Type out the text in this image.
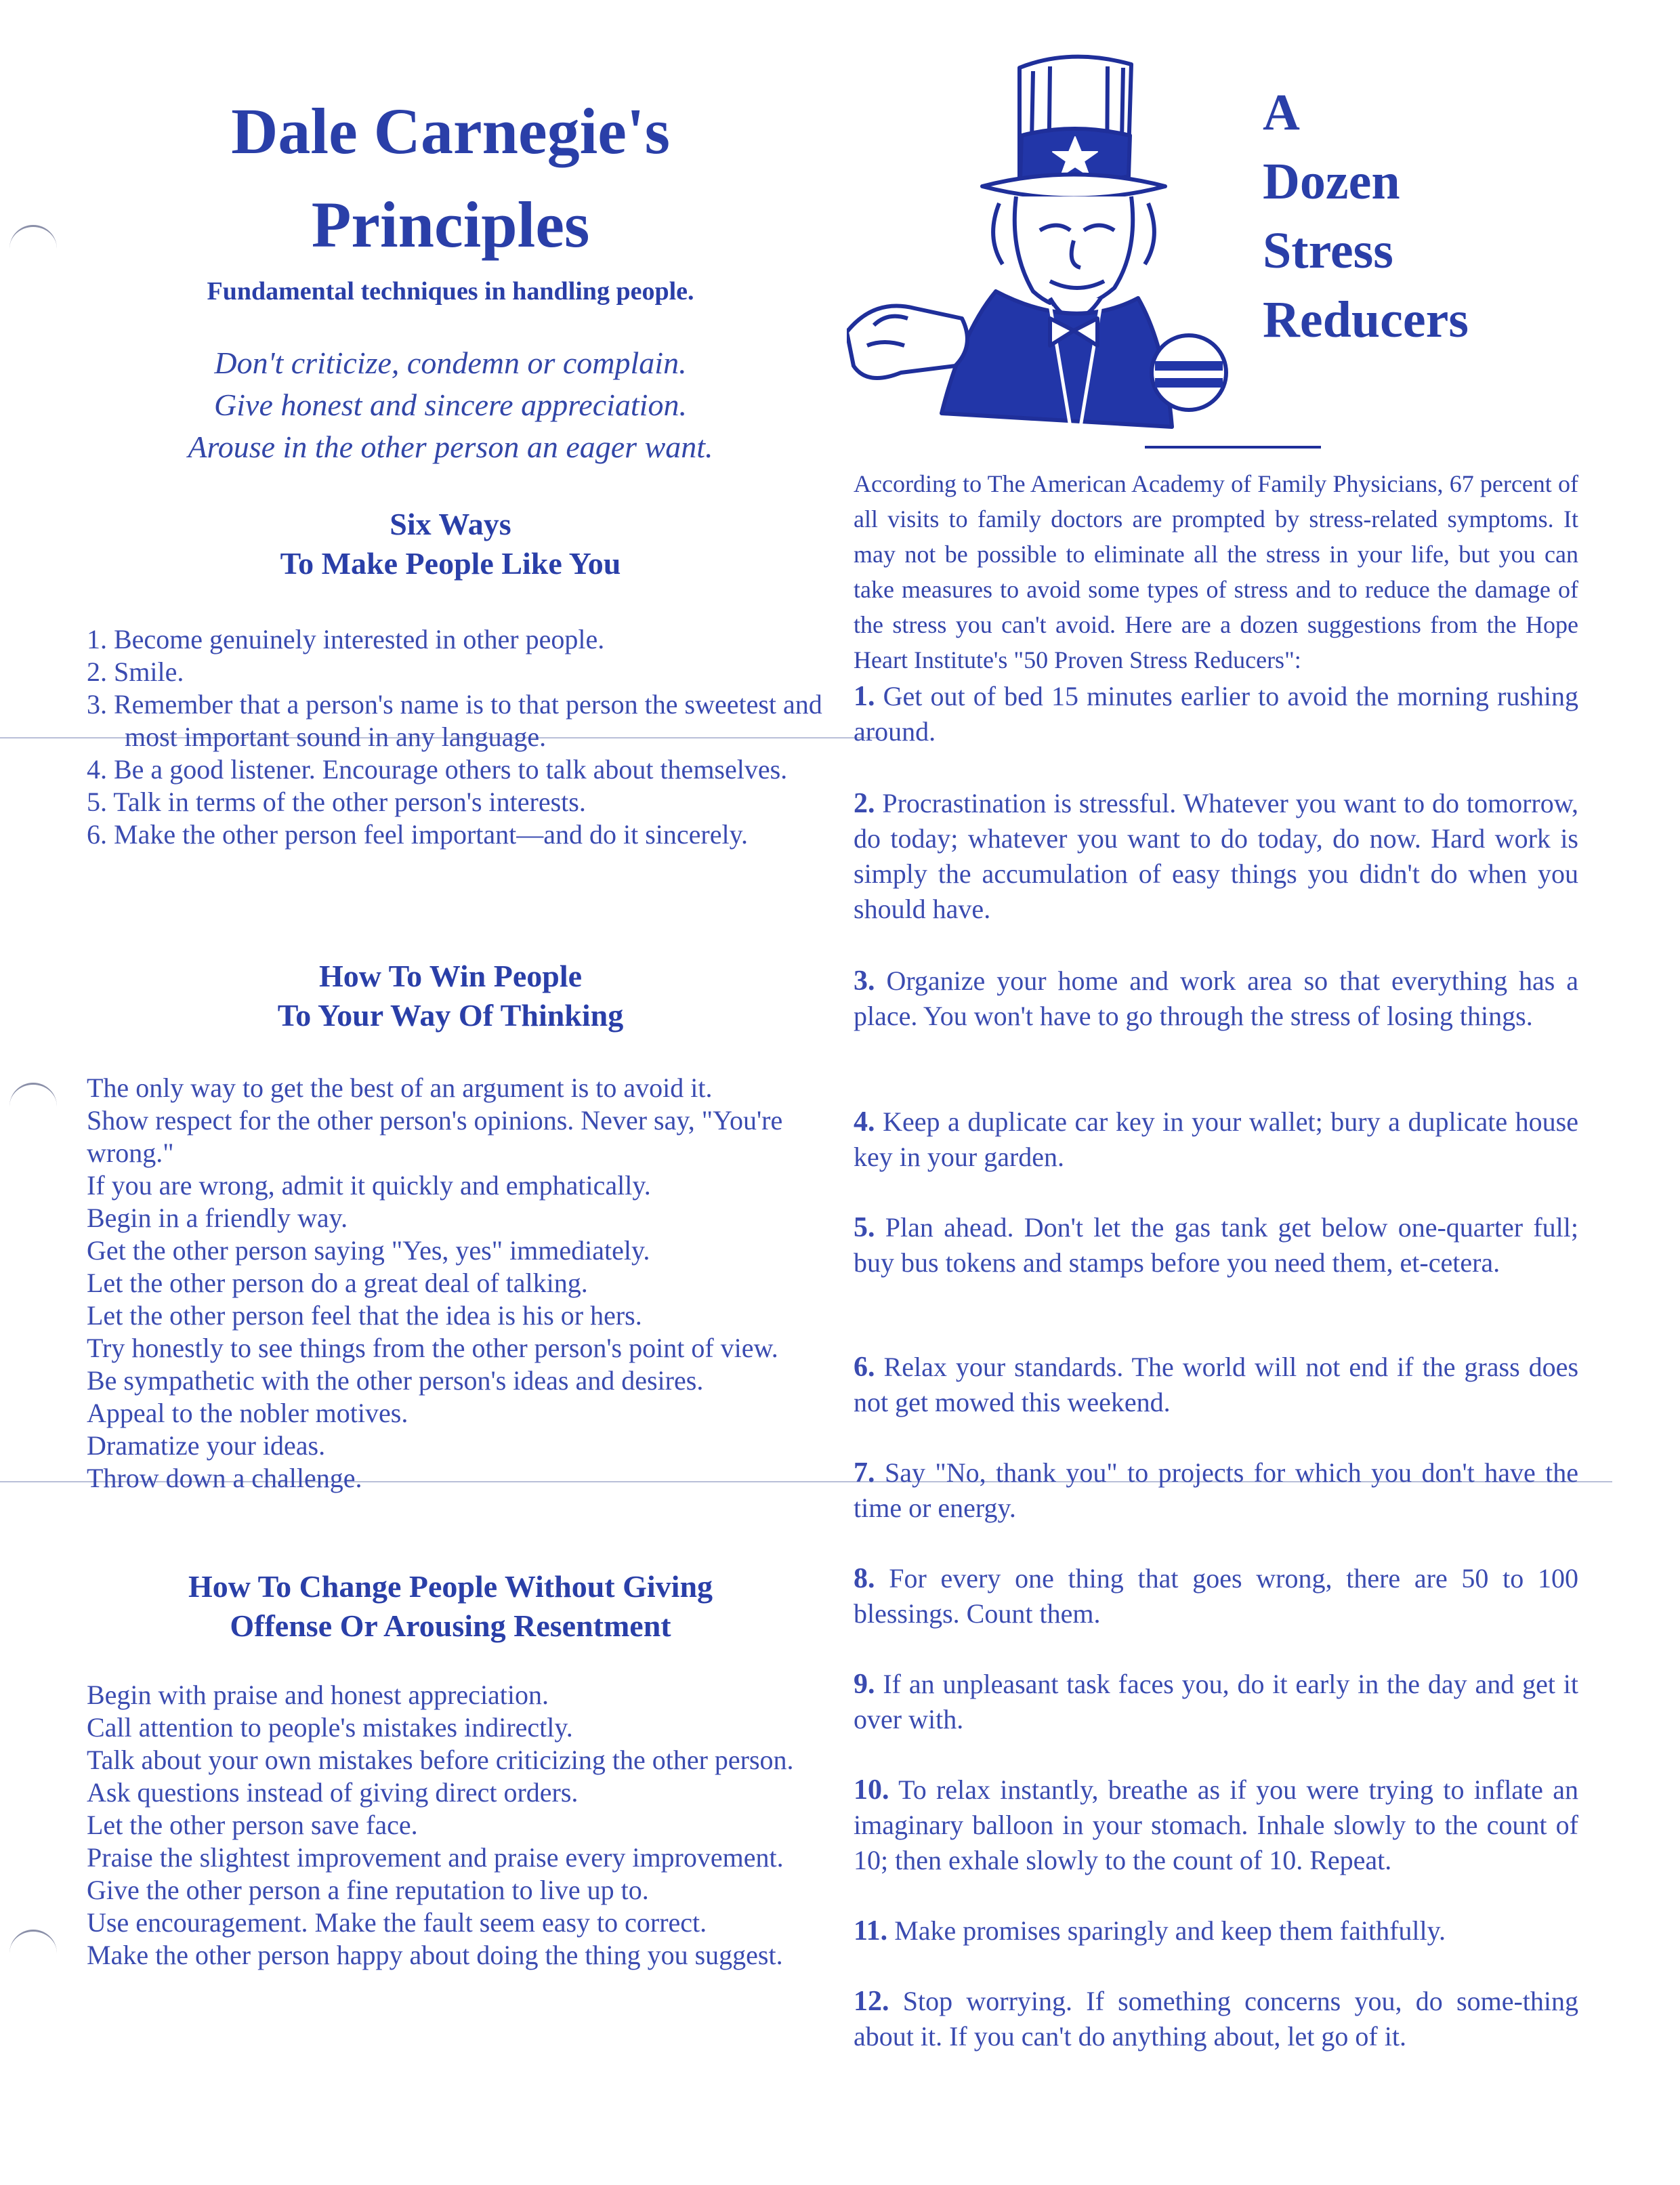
Dale Carnegie's
Principles
Fundamental techniques in handling people.
Don't criticize, condemn or complain.
Give honest and sincere appreciation.
Arouse in the other person an eager want.
Six Ways
To Make People Like You
1. Become genuinely interested in other people.
2. Smile.
3. Remember that a person's name is to that person the sweetest and most important sound in any language.
4. Be a good listener. Encourage others to talk about themselves.
5. Talk in terms of the other person's interests.
6. Make the other person feel important—and do it sincerely.
How To Win People
To Your Way Of Thinking
The only way to get the best of an argument is to avoid it.
Show respect for the other person's opinions. Never say, "You're wrong."
If you are wrong, admit it quickly and emphatically.
Begin in a friendly way.
Get the other person saying "Yes, yes" immediately.
Let the other person do a great deal of talking.
Let the other person feel that the idea is his or hers.
Try honestly to see things from the other person's point of view.
Be sympathetic with the other person's ideas and desires.
Appeal to the nobler motives.
Dramatize your ideas.
Throw down a challenge.
How To Change People Without Giving
Offense Or Arousing Resentment
Begin with praise and honest appreciation.
Call attention to people's mistakes indirectly.
Talk about your own mistakes before criticizing the other person.
Ask questions instead of giving direct orders.
Let the other person save face.
Praise the slightest improvement and praise every improvement.
Give the other person a fine reputation to live up to.
Use encouragement. Make the fault seem easy to correct.
Make the other person happy about doing the thing you suggest.
A
Dozen
Stress
Reducers

According to The American Academy of Family Physicians, 67 percent of all visits to family doctors are prompted by stress-related symptoms. It may not be possible to eliminate all the stress in your life, but you can take measures to avoid some types of stress and to reduce the damage of the stress you can't avoid. Here are a dozen suggestions from the Hope Heart Institute's "50 Proven Stress Reducers":

1. Get out of bed 15 minutes earlier to avoid the morning rushing around.

2. Procrastination is stressful. Whatever you want to do tomorrow, do today; whatever you want to do today, do now. Hard work is simply the accumulation of easy things you didn't do when you should have.

3. Organize your home and work area so that everything has a place. You won't have to go through the stress of losing things.

4. Keep a duplicate car key in your wallet; bury a duplicate house key in your garden.

5. Plan ahead. Don't let the gas tank get below one-quarter full; buy bus tokens and stamps before you need them, et-cetera.

6. Relax your standards. The world will not end if the grass does not get mowed this weekend.

7. Say "No, thank you" to projects for which you don't have the time or energy.

8. For every one thing that goes wrong, there are 50 to 100 blessings. Count them.

9. If an unpleasant task faces you, do it early in the day and get it over with.

10. To relax instantly, breathe as if you were trying to inflate an imaginary balloon in your stomach. Inhale slowly to the count of 10; then exhale slowly to the count of 10. Repeat.

11. Make promises sparingly and keep them faithfully.

12. Stop worrying. If something concerns you, do some-thing about it. If you can't do anything about, let go of it.
